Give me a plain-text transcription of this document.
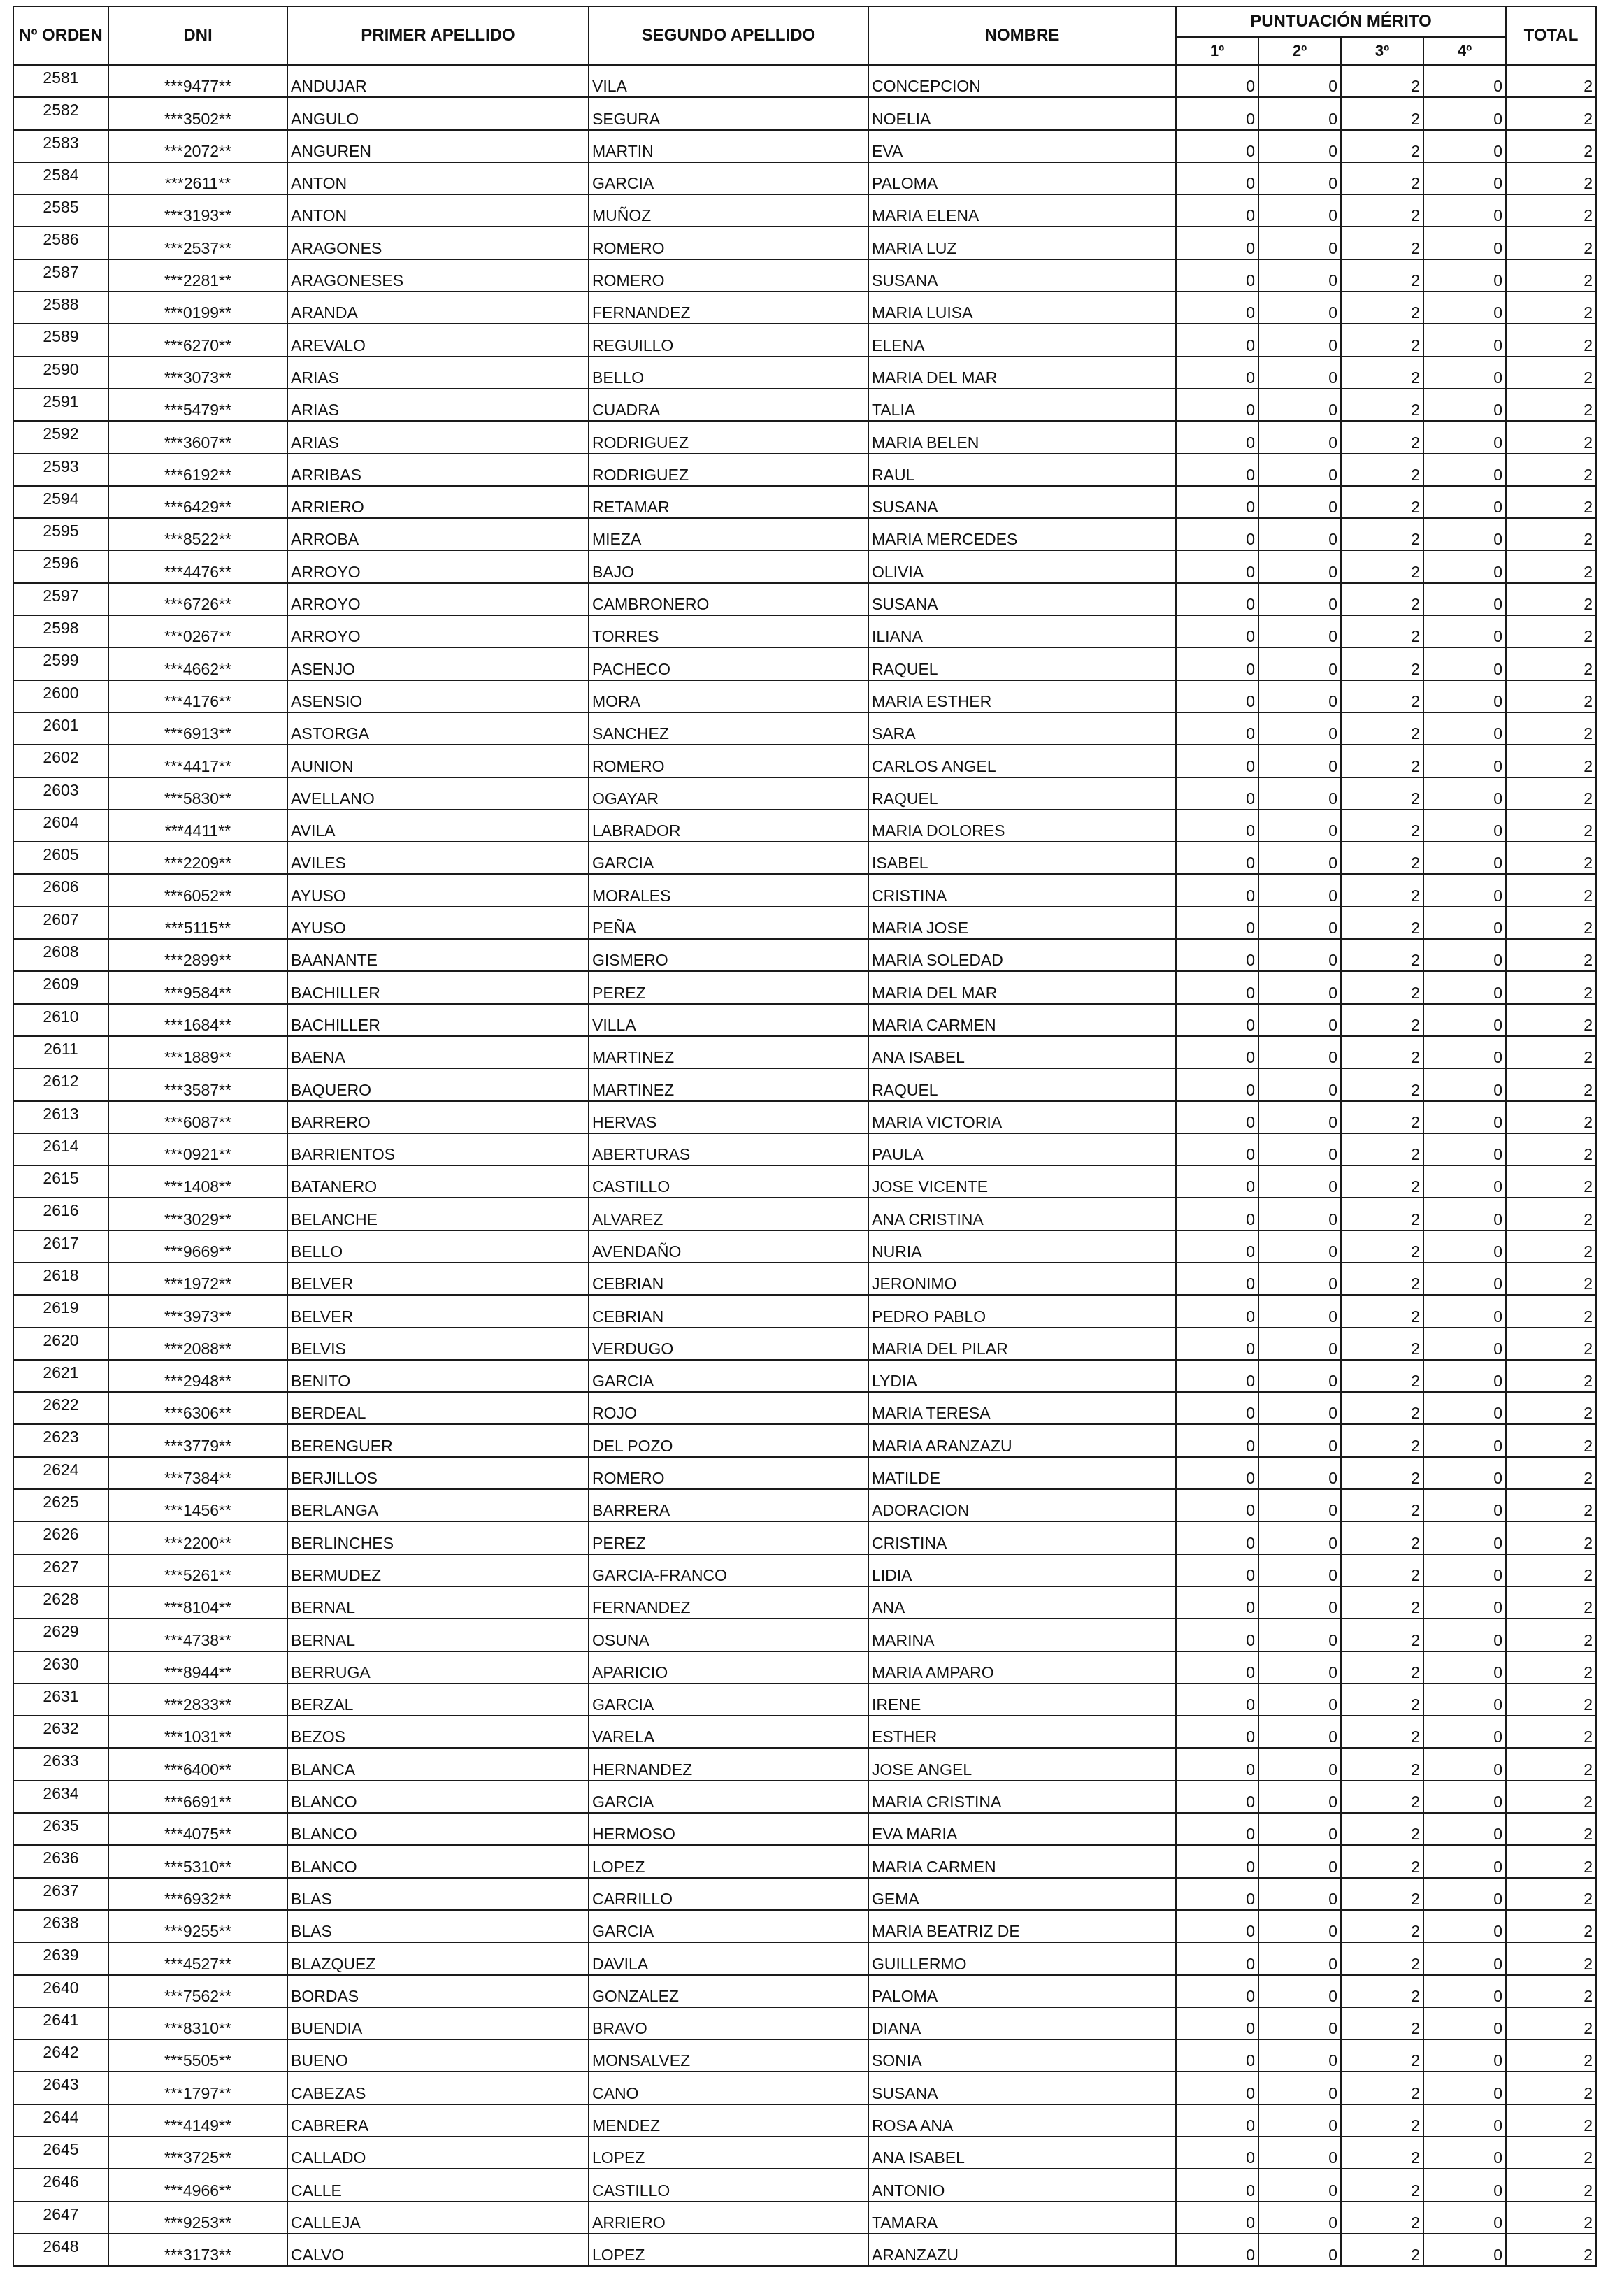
Nº ORDEN	DNI	PRIMER APELLIDO	SEGUNDO APELLIDO	NOMBRE	PUNTUACIÓN MÉRITO				TOTAL
					1º	2º	3º	4º	
2581	***9477**	ANDUJAR	VILA	CONCEPCION	0	0	2	0	2
2582	***3502**	ANGULO	SEGURA	NOELIA	0	0	2	0	2
2583	***2072**	ANGUREN	MARTIN	EVA	0	0	2	0	2
2584	***2611**	ANTON	GARCIA	PALOMA	0	0	2	0	2
2585	***3193**	ANTON	MUÑOZ	MARIA ELENA	0	0	2	0	2
2586	***2537**	ARAGONES	ROMERO	MARIA LUZ	0	0	2	0	2
2587	***2281**	ARAGONESES	ROMERO	SUSANA	0	0	2	0	2
2588	***0199**	ARANDA	FERNANDEZ	MARIA LUISA	0	0	2	0	2
2589	***6270**	AREVALO	REGUILLO	ELENA	0	0	2	0	2
2590	***3073**	ARIAS	BELLO	MARIA DEL MAR	0	0	2	0	2
2591	***5479**	ARIAS	CUADRA	TALIA	0	0	2	0	2
2592	***3607**	ARIAS	RODRIGUEZ	MARIA BELEN	0	0	2	0	2
2593	***6192**	ARRIBAS	RODRIGUEZ	RAUL	0	0	2	0	2
2594	***6429**	ARRIERO	RETAMAR	SUSANA	0	0	2	0	2
2595	***8522**	ARROBA	MIEZA	MARIA MERCEDES	0	0	2	0	2
2596	***4476**	ARROYO	BAJO	OLIVIA	0	0	2	0	2
2597	***6726**	ARROYO	CAMBRONERO	SUSANA	0	0	2	0	2
2598	***0267**	ARROYO	TORRES	ILIANA	0	0	2	0	2
2599	***4662**	ASENJO	PACHECO	RAQUEL	0	0	2	0	2
2600	***4176**	ASENSIO	MORA	MARIA ESTHER	0	0	2	0	2
2601	***6913**	ASTORGA	SANCHEZ	SARA	0	0	2	0	2
2602	***4417**	AUNION	ROMERO	CARLOS ANGEL	0	0	2	0	2
2603	***5830**	AVELLANO	OGAYAR	RAQUEL	0	0	2	0	2
2604	***4411**	AVILA	LABRADOR	MARIA DOLORES	0	0	2	0	2
2605	***2209**	AVILES	GARCIA	ISABEL	0	0	2	0	2
2606	***6052**	AYUSO	MORALES	CRISTINA	0	0	2	0	2
2607	***5115**	AYUSO	PEÑA	MARIA JOSE	0	0	2	0	2
2608	***2899**	BAANANTE	GISMERO	MARIA SOLEDAD	0	0	2	0	2
2609	***9584**	BACHILLER	PEREZ	MARIA DEL MAR	0	0	2	0	2
2610	***1684**	BACHILLER	VILLA	MARIA CARMEN	0	0	2	0	2
2611	***1889**	BAENA	MARTINEZ	ANA ISABEL	0	0	2	0	2
2612	***3587**	BAQUERO	MARTINEZ	RAQUEL	0	0	2	0	2
2613	***6087**	BARRERO	HERVAS	MARIA VICTORIA	0	0	2	0	2
2614	***0921**	BARRIENTOS	ABERTURAS	PAULA	0	0	2	0	2
2615	***1408**	BATANERO	CASTILLO	JOSE VICENTE	0	0	2	0	2
2616	***3029**	BELANCHE	ALVAREZ	ANA CRISTINA	0	0	2	0	2
2617	***9669**	BELLO	AVENDAÑO	NURIA	0	0	2	0	2
2618	***1972**	BELVER	CEBRIAN	JERONIMO	0	0	2	0	2
2619	***3973**	BELVER	CEBRIAN	PEDRO PABLO	0	0	2	0	2
2620	***2088**	BELVIS	VERDUGO	MARIA DEL PILAR	0	0	2	0	2
2621	***2948**	BENITO	GARCIA	LYDIA	0	0	2	0	2
2622	***6306**	BERDEAL	ROJO	MARIA TERESA	0	0	2	0	2
2623	***3779**	BERENGUER	DEL POZO	MARIA ARANZAZU	0	0	2	0	2
2624	***7384**	BERJILLOS	ROMERO	MATILDE	0	0	2	0	2
2625	***1456**	BERLANGA	BARRERA	ADORACION	0	0	2	0	2
2626	***2200**	BERLINCHES	PEREZ	CRISTINA	0	0	2	0	2
2627	***5261**	BERMUDEZ	GARCIA-FRANCO	LIDIA	0	0	2	0	2
2628	***8104**	BERNAL	FERNANDEZ	ANA	0	0	2	0	2
2629	***4738**	BERNAL	OSUNA	MARINA	0	0	2	0	2
2630	***8944**	BERRUGA	APARICIO	MARIA AMPARO	0	0	2	0	2
2631	***2833**	BERZAL	GARCIA	IRENE	0	0	2	0	2
2632	***1031**	BEZOS	VARELA	ESTHER	0	0	2	0	2
2633	***6400**	BLANCA	HERNANDEZ	JOSE ANGEL	0	0	2	0	2
2634	***6691**	BLANCO	GARCIA	MARIA CRISTINA	0	0	2	0	2
2635	***4075**	BLANCO	HERMOSO	EVA MARIA	0	0	2	0	2
2636	***5310**	BLANCO	LOPEZ	MARIA CARMEN	0	0	2	0	2
2637	***6932**	BLAS	CARRILLO	GEMA	0	0	2	0	2
2638	***9255**	BLAS	GARCIA	MARIA BEATRIZ DE	0	0	2	0	2
2639	***4527**	BLAZQUEZ	DAVILA	GUILLERMO	0	0	2	0	2
2640	***7562**	BORDAS	GONZALEZ	PALOMA	0	0	2	0	2
2641	***8310**	BUENDIA	BRAVO	DIANA	0	0	2	0	2
2642	***5505**	BUENO	MONSALVEZ	SONIA	0	0	2	0	2
2643	***1797**	CABEZAS	CANO	SUSANA	0	0	2	0	2
2644	***4149**	CABRERA	MENDEZ	ROSA ANA	0	0	2	0	2
2645	***3725**	CALLADO	LOPEZ	ANA ISABEL	0	0	2	0	2
2646	***4966**	CALLE	CASTILLO	ANTONIO	0	0	2	0	2
2647	***9253**	CALLEJA	ARRIERO	TAMARA	0	0	2	0	2
2648	***3173**	CALVO	LOPEZ	ARANZAZU	0	0	2	0	2
